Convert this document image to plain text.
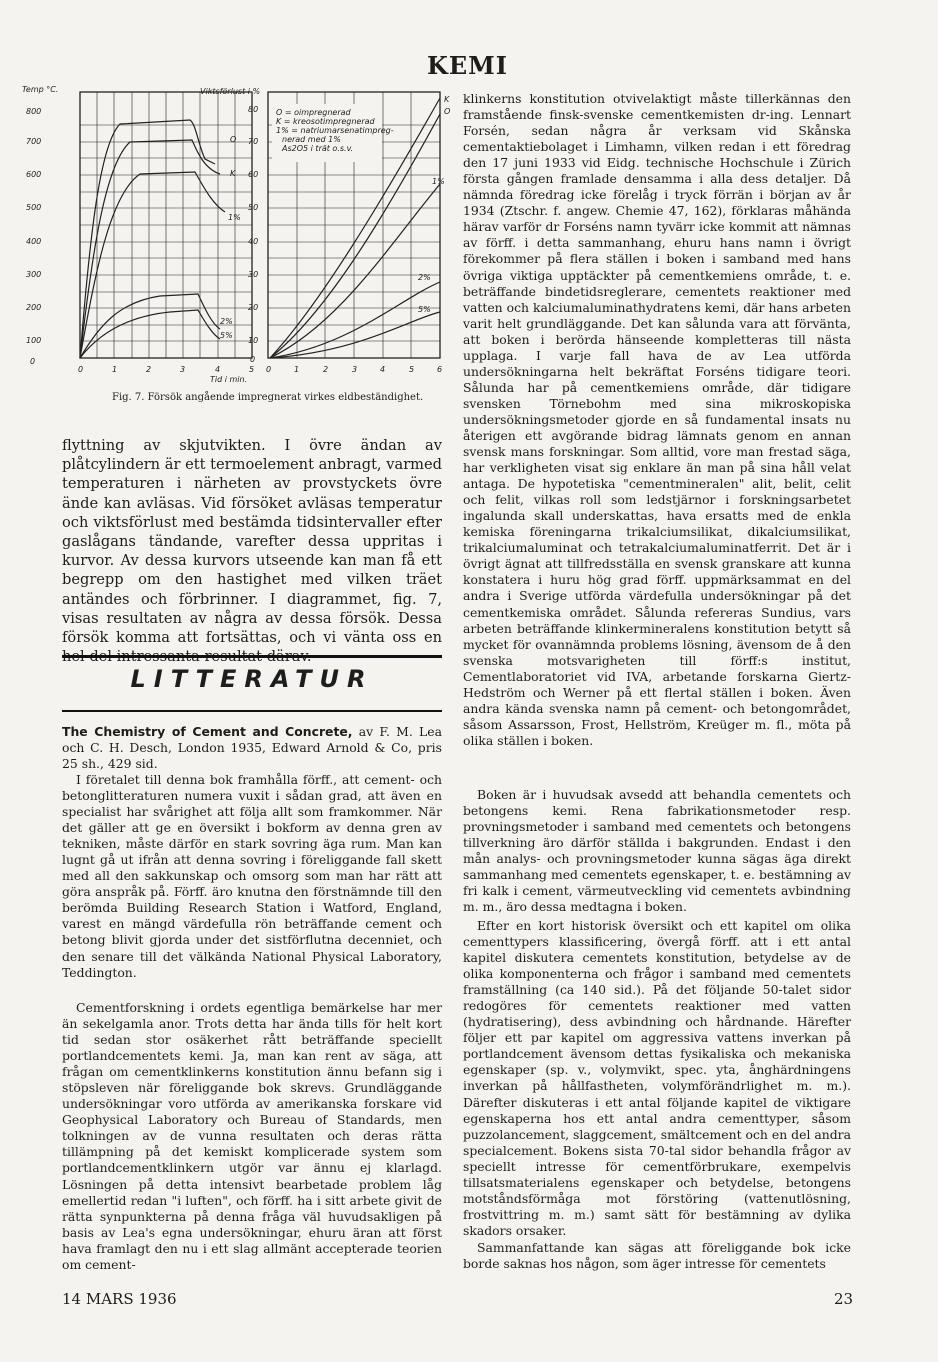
KEMI
Temp °C.	Viktsförlust i %
800
700
600
500
400
300
200
100
0
80
70
60
50
40
30
20
10
0
0	1	2	3	4	5 0	1	2	3	4	5	6
Tid i min.
O = oimpregnerad
K = kreosotimpregnerad
1% = natriumarsenatimpreg-
nerad med 1%
As2O5 i trät o.s.v.
O
K
1%
2%
5%
K
O
1%
2%
5%
Fig. 7. Försök angående impregnerat virkes eldbeständighet.

flyttning av skjutvikten. I övre ändan av plåtcylindern är ett termoelement anbragt, varmed temperaturen i närheten av provstyckets övre ände kan avläsas. Vid försöket avläsas temperatur och viktsförlust med bestämda tidsintervaller efter gaslågans tändande, varefter dessa uppritas i kurvor. Av dessa kurvors utseende kan man få ett begrepp om den hastighet med vilken träet antändes och förbrinner. I diagrammet, fig. 7, visas resultaten av några av dessa försök. Dessa försök komma att fortsättas, och vi vänta oss en

LITTERATUR

The Chemistry of Cement and Concrete, av F. M. Lea och C. H. Desch, London 1935, Edward Arnold & Co, pris 25 sh., 429 sid.

I företalet till denna bok framhålla förff., att cement- och betonglitteraturen numera vuxit i sådan grad, att även en specialist har svårighet att följa allt som framkommer. När det gäller att ge en översikt i bokform av denna gren av tekniken, måste därför en stark sovring äga rum. Man kan lugnt gå ut ifrån att denna sovring i föreliggande fall skett med all den sakkunskap och omsorg som man har rätt att göra anspråk på. Förff. äro knutna den förstnämnde till den berömda Building Research Station i Watford, England, varest en mängd värdefulla rön beträffande cement och betong blivit gjorda under det sistförflutna decenniet, och den senare till det välkända National Physical Laboratory, Teddington.

Cementforskning i ordets egentliga bemärkelse har mer än sekelgamla anor. Trots detta har ända tills för helt kort tid sedan stor osäkerhet rått beträffande speciellt portlandcementets kemi. Ja, man kan rent av säga, att frågan om cementklinkerns konstitution ännu befann sig i stöpsleven när föreliggande bok skrevs. Grundläggande undersökningar voro utförda av amerikanska forskare vid Geophysical Laboratory och Bureau of Standards, men tolkningen av de vunna resultaten och deras rätta tillämpning på det kemiskt komplicerade system som portlandcementklinkern utgör var ännu ej klarlagd. Lösningen på detta intensivt bearbetade problem låg emellertid redan "i luften", och förff. ha i sitt arbete givit de rätta synpunkterna på denna fråga väl huvudsakligen på basis av Lea's egna undersökningar, ehuru äran att först hava framlagt den nu i ett slag allmänt accepterade teorien om cement-

klinkerns konstitution otvivelaktigt måste tillerkännas den framstående finsk-svenske cementkemisten dr-ing. Lennart Forsén, sedan några år verksam vid Skånska cementaktiebolaget i Limhamn, vilken redan i ett föredrag den 17 juni 1933 vid Eidg. technische Hochschule i Zürich första gången framlade densamma i alla dess detaljer. Då nämnda föredrag icke förelåg i tryck förrän i början av år 1934 (Ztschr. f. angew. Chemie 47, 162), förklaras måhända härav varför dr Forséns namn tyvärr icke kommit att nämnas av förff. i detta sammanhang, ehuru hans namn i övrigt förekommer på flera ställen i boken i samband med hans övriga viktiga upptäckter på cementkemiens område, t. e. beträffande bindetidsreglerare, cementets reaktioner med vatten och kalciumaluminathydratens kemi, där hans arbeten varit helt grundläggande. Det kan sålunda vara att förvänta, att boken i berörda hänseende kompletteras till nästa upplaga. I varje fall hava de av Lea utförda undersökningarna helt bekräftat Forséns tidigare teori. Sålunda har på cementkemiens område, där tidigare svensken Törnebohm med sina mikroskopiska undersökningsmetoder gjorde en så fundamental insats nu återigen ett avgörande bidrag lämnats genom en annan svensk mans forskningar. Som alltid, vore man frestad säga, har verkligheten visat sig enklare än man på sina håll velat antaga. De hypotetiska "cementmineralen" alit, belit, celit och felit, vilkas roll som ledstjärnor i forskningsarbetet ingalunda skall underskattas, hava ersatts med de enkla kemiska föreningarna trikalciumsilikat, dikalciumsilikat, trikalciumaluminat och tetrakalciumaluminatferrit. Det är i övrigt ägnat att tillfredsställa en svensk granskare att kunna konstatera i huru hög grad förff. uppmärksammat en del andra i Sverige utförda värdefulla undersökningar på det cementkemiska området. Sålunda refereras Sundius, vars arbeten beträffande klinkermineralens konstitution betytt så mycket för ovannämnda problems lösning, ävensom de å den svenska motsvarigheten till förff:s institut, Cementlaboratoriet vid IVA, arbetande forskarna Giertz-Hedström och Werner på ett flertal ställen i boken. Även andra kända svenska namn på cement- och betongområdet, såsom Assarsson, Frost, Hellström, Kreüger m. fl., möta på olika ställen i boken.

Boken är i huvudsak avsedd att behandla cementets och betongens kemi. Rena fabrikationsmetoder resp. provningsmetoder i samband med cementets och betongens tillverkning äro därför ställda i bakgrunden. Endast i den mån analys- och provningsmetoder kunna sägas äga direkt sammanhang med cementets egenskaper, t. e. bestämning av fri kalk i cement, värmeutveckling vid cementets avbindning m. m., äro dessa medtagna i boken.

Efter en kort historisk översikt och ett kapitel om olika cementtypers klassificering, övergå förff. att i ett antal kapitel diskutera cementets konstitution, betydelse av de olika komponenterna och frågor i samband med cementets framställning (ca 140 sid.). På det följande 50-talet sidor redogöres för cementets reaktioner med vatten (hydratisering), dess avbindning och hårdnande. Härefter följer ett par kapitel om aggressiva vattens inverkan på portlandcement ävensom dettas fysikaliska och mekaniska egenskaper (sp. v., volymvikt, spec. yta, ånghärdningens inverkan på hållfastheten, volymförändrlighet m. m.). Därefter diskuteras i ett antal följande kapitel de viktigare egenskaperna hos ett antal andra cementtyper, såsom puzzolancement, slaggcement, smältcement och en del andra specialcement. Bokens sista 70-tal sidor behandla frågor av speciellt intresse för cementförbrukare, exempelvis tillsatsmaterialens egenskaper och betydelse, betongens motståndsförmåga mot förstöring (vattenutlösning, frostvittring m. m.) samt sätt för bestämning av dylika skadors orsaker.

Sammanfattande kan sägas att föreliggande bok icke borde saknas hos någon, som äger intresse för cementets

14 MARS 1936	23
